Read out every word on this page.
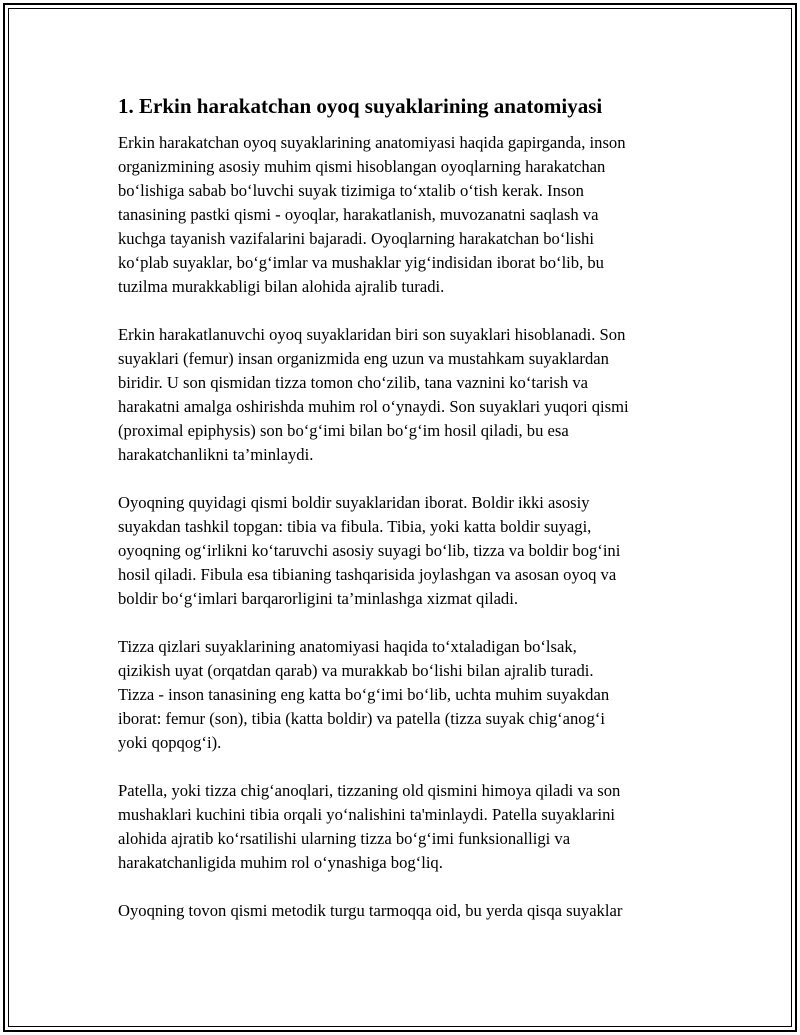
1. Erkin harakatchan oyoq suyaklarining anatomiyasi
Erkin harakatchan oyoq suyaklarining anatomiyasi haqida gapirganda, inson
organizmining asosiy muhim qismi hisoblangan oyoqlarning harakatchan
bo‘lishiga sabab bo‘luvchi suyak tizimiga to‘xtalib o‘tish kerak. Inson
tanasining pastki qismi - oyoqlar, harakatlanish, muvozanatni saqlash va
kuchga tayanish vazifalarini bajaradi. Oyoqlarning harakatchan bo‘lishi
ko‘plab suyaklar, bo‘g‘imlar va mushaklar yig‘indisidan iborat bo‘lib, bu
tuzilma murakkabligi bilan alohida ajralib turadi.
Erkin harakatlanuvchi oyoq suyaklaridan biri son suyaklari hisoblanadi. Son
suyaklari (femur) insan organizmida eng uzun va mustahkam suyaklardan
biridir. U son qismidan tizza tomon cho‘zilib, tana vaznini ko‘tarish va
harakatni amalga oshirishda muhim rol o‘ynaydi. Son suyaklari yuqori qismi
(proximal epiphysis) son bo‘g‘imi bilan bo‘g‘im hosil qiladi, bu esa
harakatchanlikni ta’minlaydi.
Oyoqning quyidagi qismi boldir suyaklaridan iborat. Boldir ikki asosiy
suyakdan tashkil topgan: tibia va fibula. Tibia, yoki katta boldir suyagi,
oyoqning og‘irlikni ko‘taruvchi asosiy suyagi bo‘lib, tizza va boldir bog‘ini
hosil qiladi. Fibula esa tibianing tashqarisida joylashgan va asosan oyoq va
boldir bo‘g‘imlari barqarorligini ta’minlashga xizmat qiladi.
Tizza qizlari suyaklarining anatomiyasi haqida to‘xtaladigan bo‘lsak,
qizikish uyat (orqatdan qarab) va murakkab bo‘lishi bilan ajralib turadi.
Tizza - inson tanasining eng katta bo‘g‘imi bo‘lib, uchta muhim suyakdan
iborat: femur (son), tibia (katta boldir) va patella (tizza suyak chig‘anog‘i
yoki qopqog‘i).
Patella, yoki tizza chig‘anoqlari, tizzaning old qismini himoya qiladi va son
mushaklari kuchini tibia orqali yo‘nalishini ta'minlaydi. Patella suyaklarini
alohida ajratib ko‘rsatilishi ularning tizza bo‘g‘imi funksionalligi va
harakatchanligida muhim rol o‘ynashiga bog‘liq.
Oyoqning tovon qismi metodik turgu tarmoqqa oid, bu yerda qisqa suyaklar
